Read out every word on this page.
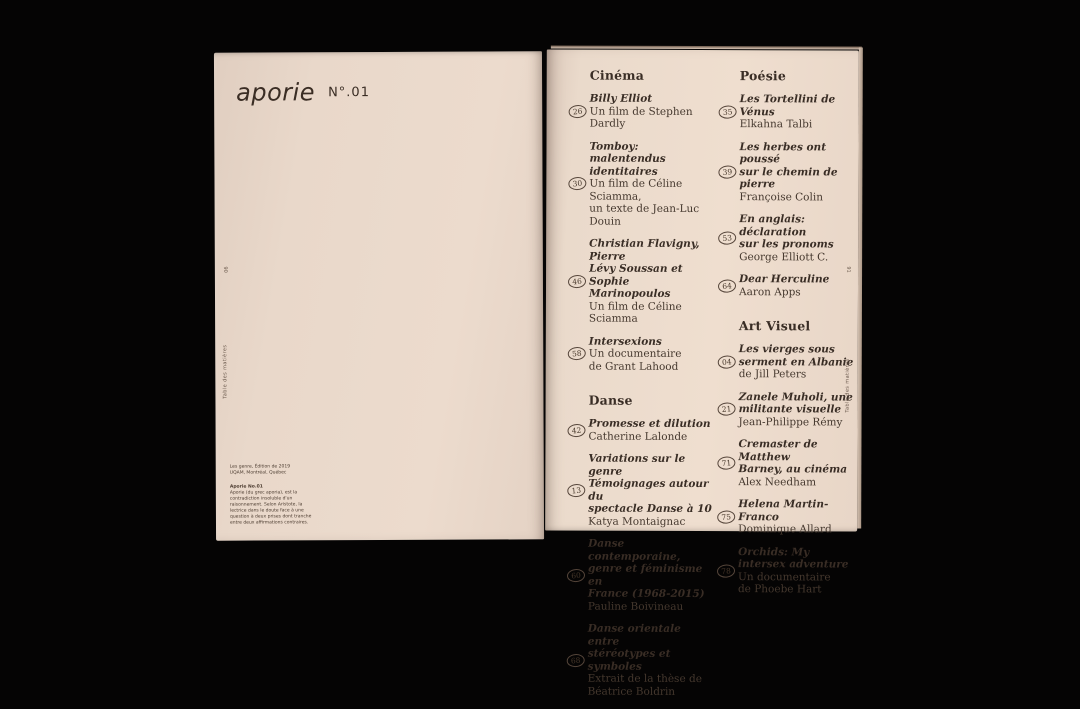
aporie $^{N^\circ.01}$
90
Table des matières
Les genre, Édition de 2019
UQAM, Montréal, Québec
Aporie No.01
Aporie (du grec aporia), est la contradiction insoluble d'un raisonnement. Selon Aristote, la lectrice dans le doute face à une question à deux prises dont tranche entre deux affirmations contraires.
Cinéma
26
Billy Elliot
Un film de Stephen Dardly
30
Tomboy: malentendus
identitaires
Un film de Céline Sciamma,
un texte de Jean-Luc Douin
46
Christian Flavigny, Pierre
Lévy Soussan et Sophie
Marinopoulos
Un film de Céline Sciamma
58
Intersexions
Un documentaire
de Grant Lahood
Danse
42
Promesse et dilution
Catherine Lalonde
13
Variations sur le genre
Témoignages autour du
spectacle Danse à 10
Katya Montaignac
60
Danse contemporaine,
genre et féminisme en
France (1968-2015)
Pauline Boivineau
68
Danse orientale entre
stéréotypes et symboles
Extrait de la thèse de
Béatrice Boldrin
Poésie
35
Les Tortellini de Vénus
Elkahna Talbi
39
Les herbes ont poussé
sur le chemin de pierre
Françoise Colin
53
En anglais: déclaration
sur les pronoms
George Elliott C.
64
Dear Herculine
Aaron Apps
Art Visuel
04
Les vierges sous
serment en Albanie
de Jill Peters
21
Zanele Muholi, une
militante visuelle
Jean-Philippe Rémy
71
Cremaster de Matthew
Barney, au cinéma
Alex Needham
75
Helena Martin-Franco
Dominique Allard
78
Orchids: My
intersex adventure
Un documentaire
de Phoebe Hart
91
Table des matières
